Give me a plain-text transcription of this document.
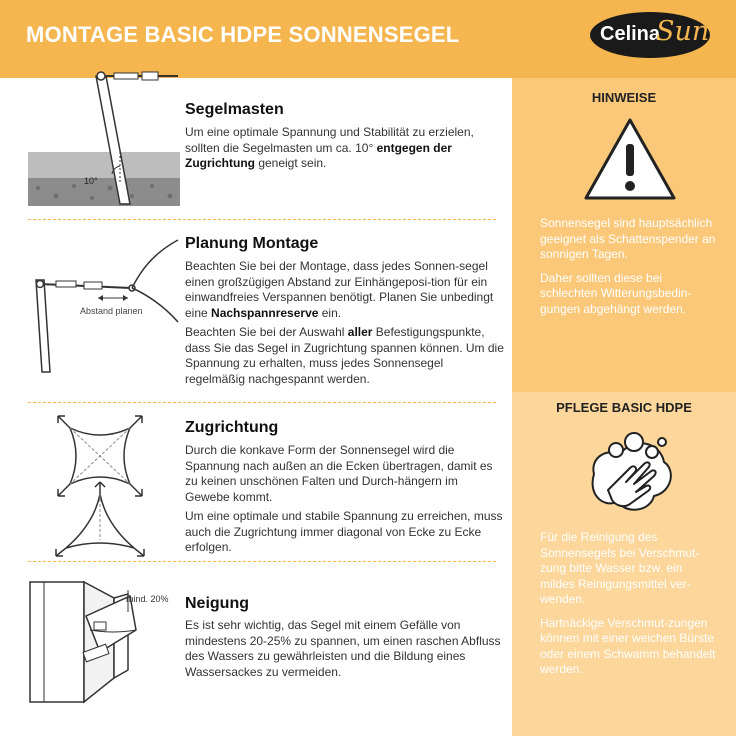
MONTAGE BASIC HDPE SONNENSEGEL	Celina
Sun
HINWEISE

Sonnensegel sind hauptsächlich geeignet als Schattenspender an sonnigen Tagen.

Daher sollten diese bei schlechten Witterungsbedin-gungen abgehängt werden.

PFLEGE BASIC HDPE

Für die Reinigung des Sonnensegels bei Verschmut-zung bitte Wasser bzw. ein mildes Reinigungsmittel ver-wenden.

Hartnäckige Verschmut-zungen können mit einer weichen Bürste oder einem Schwamm behandelt werden.

10°
Segelmasten

Um eine optimale Spannung und Stabilität zu erzielen, sollten die Segelmasten um ca. 10° entgegen der Zugrichtung geneigt sein.

Abstand planen
Planung Montage

Beachten Sie bei der Montage, dass jedes Sonnen-segel einen großzügigen Abstand zur Einhängeposi-tion für ein einwandfreies Verspannen benötigt. Planen Sie unbedingt eine Nachspannreserve ein.

Beachten Sie bei der Auswahl aller Befestigungspunkte, dass Sie das Segel in Zugrichtung spannen können. Um die Spannung zu erhalten, muss jedes Sonnensegel regelmäßig nachgespannt werden.

Zugrichtung

Durch die konkave Form der Sonnensegel wird die Spannung nach außen an die Ecken übertragen, damit es zu keinen unschönen Falten und Durch-hängern im Gewebe kommt.

Um eine optimale und stabile Spannung zu erreichen, muss auch die Zugrichtung immer diagonal von Ecke zu Ecke erfolgen.

mind. 20% Neigung

Es ist sehr wichtig, das Segel mit einem Gefälle von mindestens 20-25% zu spannen, um einen raschen Abfluss des Wassers zu gewährleisten und die Bildung eines Wassersackes zu vermeiden.
